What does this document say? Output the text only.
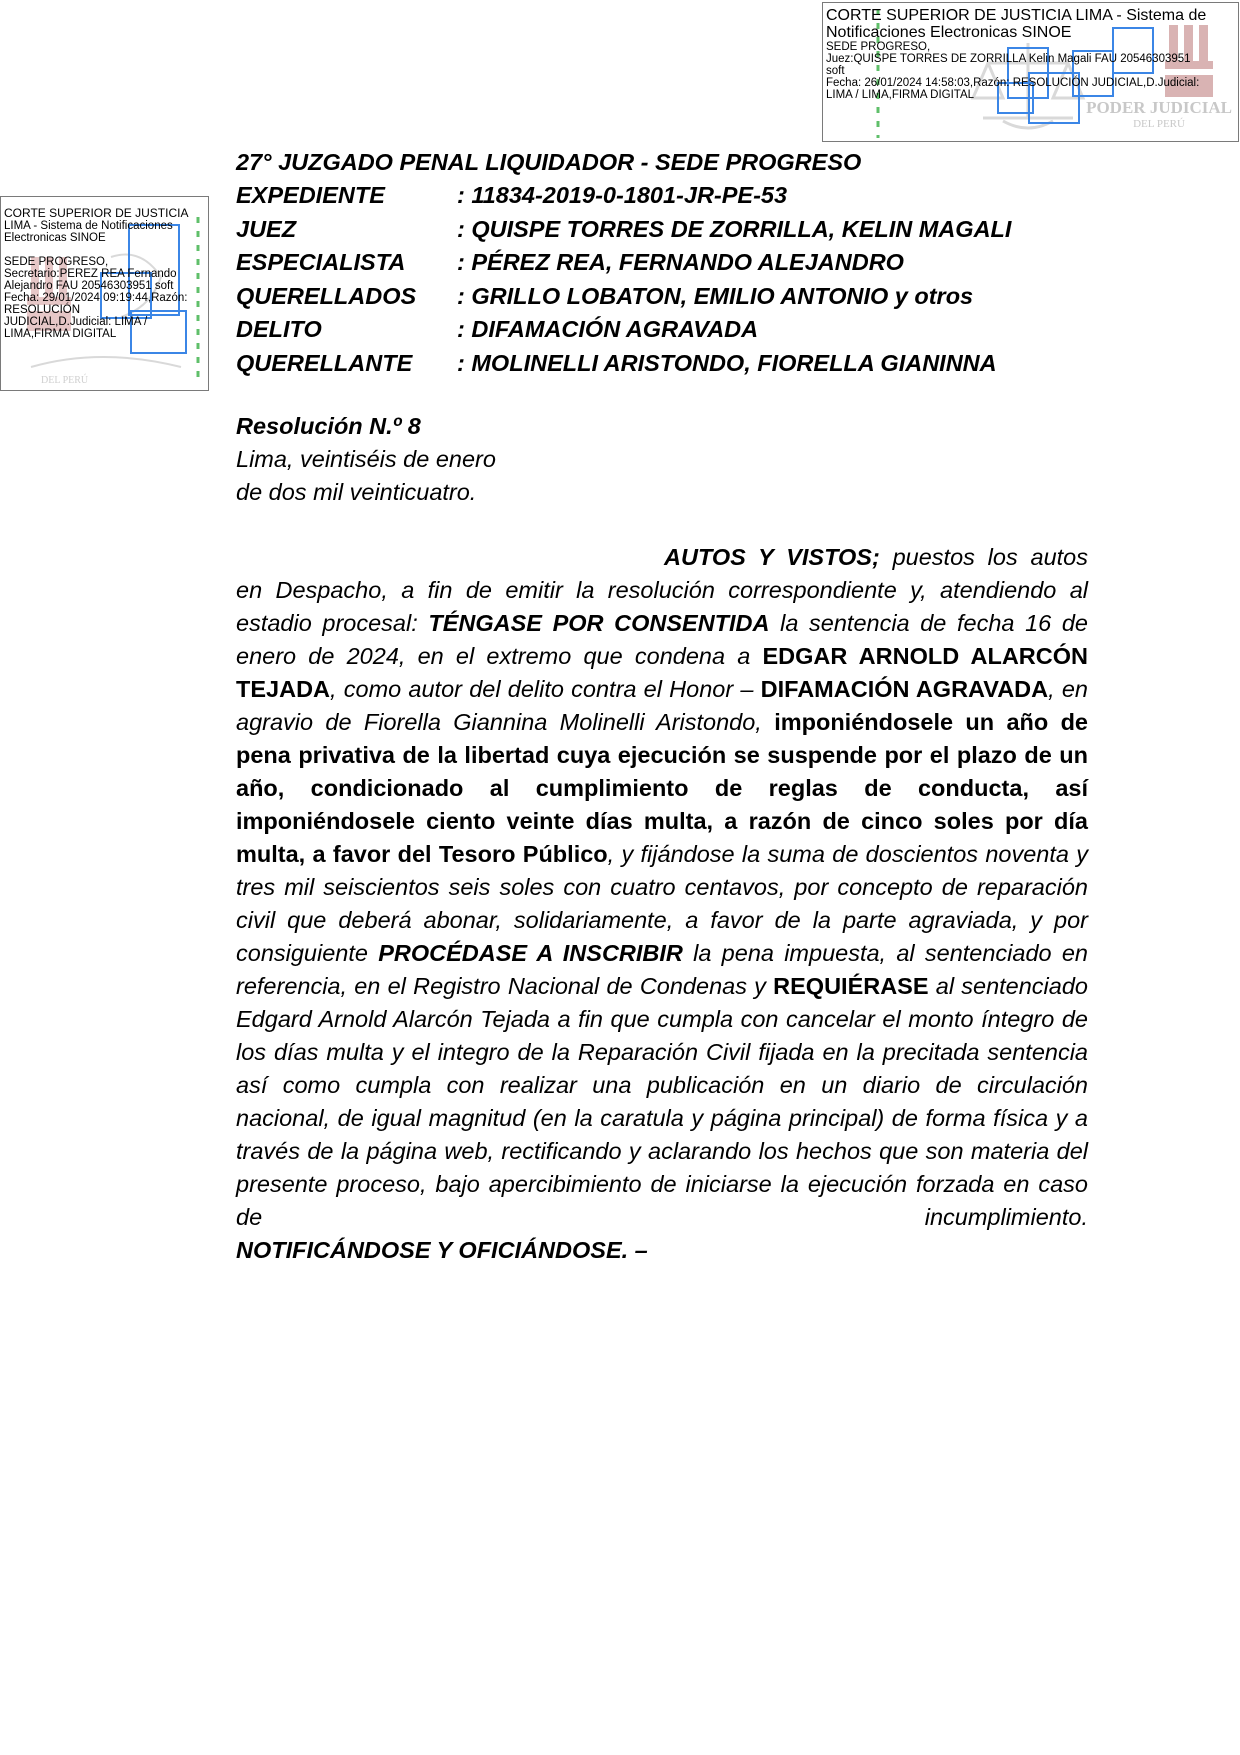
CORTE SUPERIOR DE JUSTICIA LIMA - Sistema de Notificaciones Electronicas SINOE
SEDE PROGRESO,
Juez:QUISPE TORRES DE ZORRILLA Kelin Magali FAU 20546303951
soft
Fecha: 26/01/2024 14:58:03,Razón: RESOLUCIÓN JUDICIAL,D.Judicial:
LIMA / LIMA,FIRMA DIGITAL
PODER JUDICIAL
DEL PERÚ
CORTE SUPERIOR DE JUSTICIA
LIMA - Sistema de Notificaciones
Electronicas SINOE
SEDE PROGRESO,
Secretario:PEREZ REA Fernando
Alejandro FAU 20546303951 soft
Fecha: 29/01/2024 09:19:44,Razón:
RESOLUCIÓN
JUDICIAL,D.Judicial: LIMA /
LIMA,FIRMA DIGITAL
DEL PERÚ
27° JUZGADO PENAL LIQUIDADOR - SEDE PROGRESO
EXPEDIENTE	: 11834-2019-0-1801-JR-PE-53
JUEZ	: QUISPE TORRES DE ZORRILLA, KELIN MAGALI
ESPECIALISTA	: PÉREZ REA, FERNANDO ALEJANDRO
QUERELLADOS	: GRILLO LOBATON, EMILIO ANTONIO y otros
DELITO	: DIFAMACIÓN AGRAVADA
QUERELLANTE	: MOLINELLI ARISTONDO, FIORELLA GIANINNA
Resolución N.º 8
Lima, veintiséis de enero
de dos mil veinticuatro.
AUTOS Y VISTOS; puestos los autos en Despacho, a fin de emitir la resolución correspondiente y, atendiendo al estadio procesal: TÉNGASE POR CONSENTIDA la sentencia de fecha 16 de enero de 2024, en el extremo que condena a EDGAR ARNOLD ALARCÓN TEJADA, como autor del delito contra el Honor – DIFAMACIÓN AGRAVADA, en agravio de Fiorella Giannina Molinelli Aristondo, imponiéndosele un año de pena privativa de la libertad cuya ejecución se suspende por el plazo de un año, condicionado al cumplimiento de reglas de conducta, así imponiéndosele ciento veinte días multa, a razón de cinco soles por día multa, a favor del Tesoro Público, y fijándose la suma de doscientos noventa y tres mil seiscientos seis soles con cuatro centavos, por concepto de reparación civil que deberá abonar, solidariamente, a favor de la parte agraviada, y por consiguiente PROCÉDASE A INSCRIBIR la pena impuesta, al sentenciado en referencia, en el Registro Nacional de Condenas y REQUIÉRASE al sentenciado Edgard Arnold Alarcón Tejada a fin que cumpla con cancelar el monto íntegro de los días multa y el integro de la Reparación Civil fijada en la precitada sentencia así como cumpla con realizar una publicación en un diario de circulación nacional, de igual magnitud (en la caratula y página principal) de forma física y a través de la página web, rectificando y aclarando los hechos que son materia del presente proceso, bajo apercibimiento de iniciarse la ejecución forzada en caso de incumplimiento.
NOTIFICÁNDOSE Y OFICIÁNDOSE. –
